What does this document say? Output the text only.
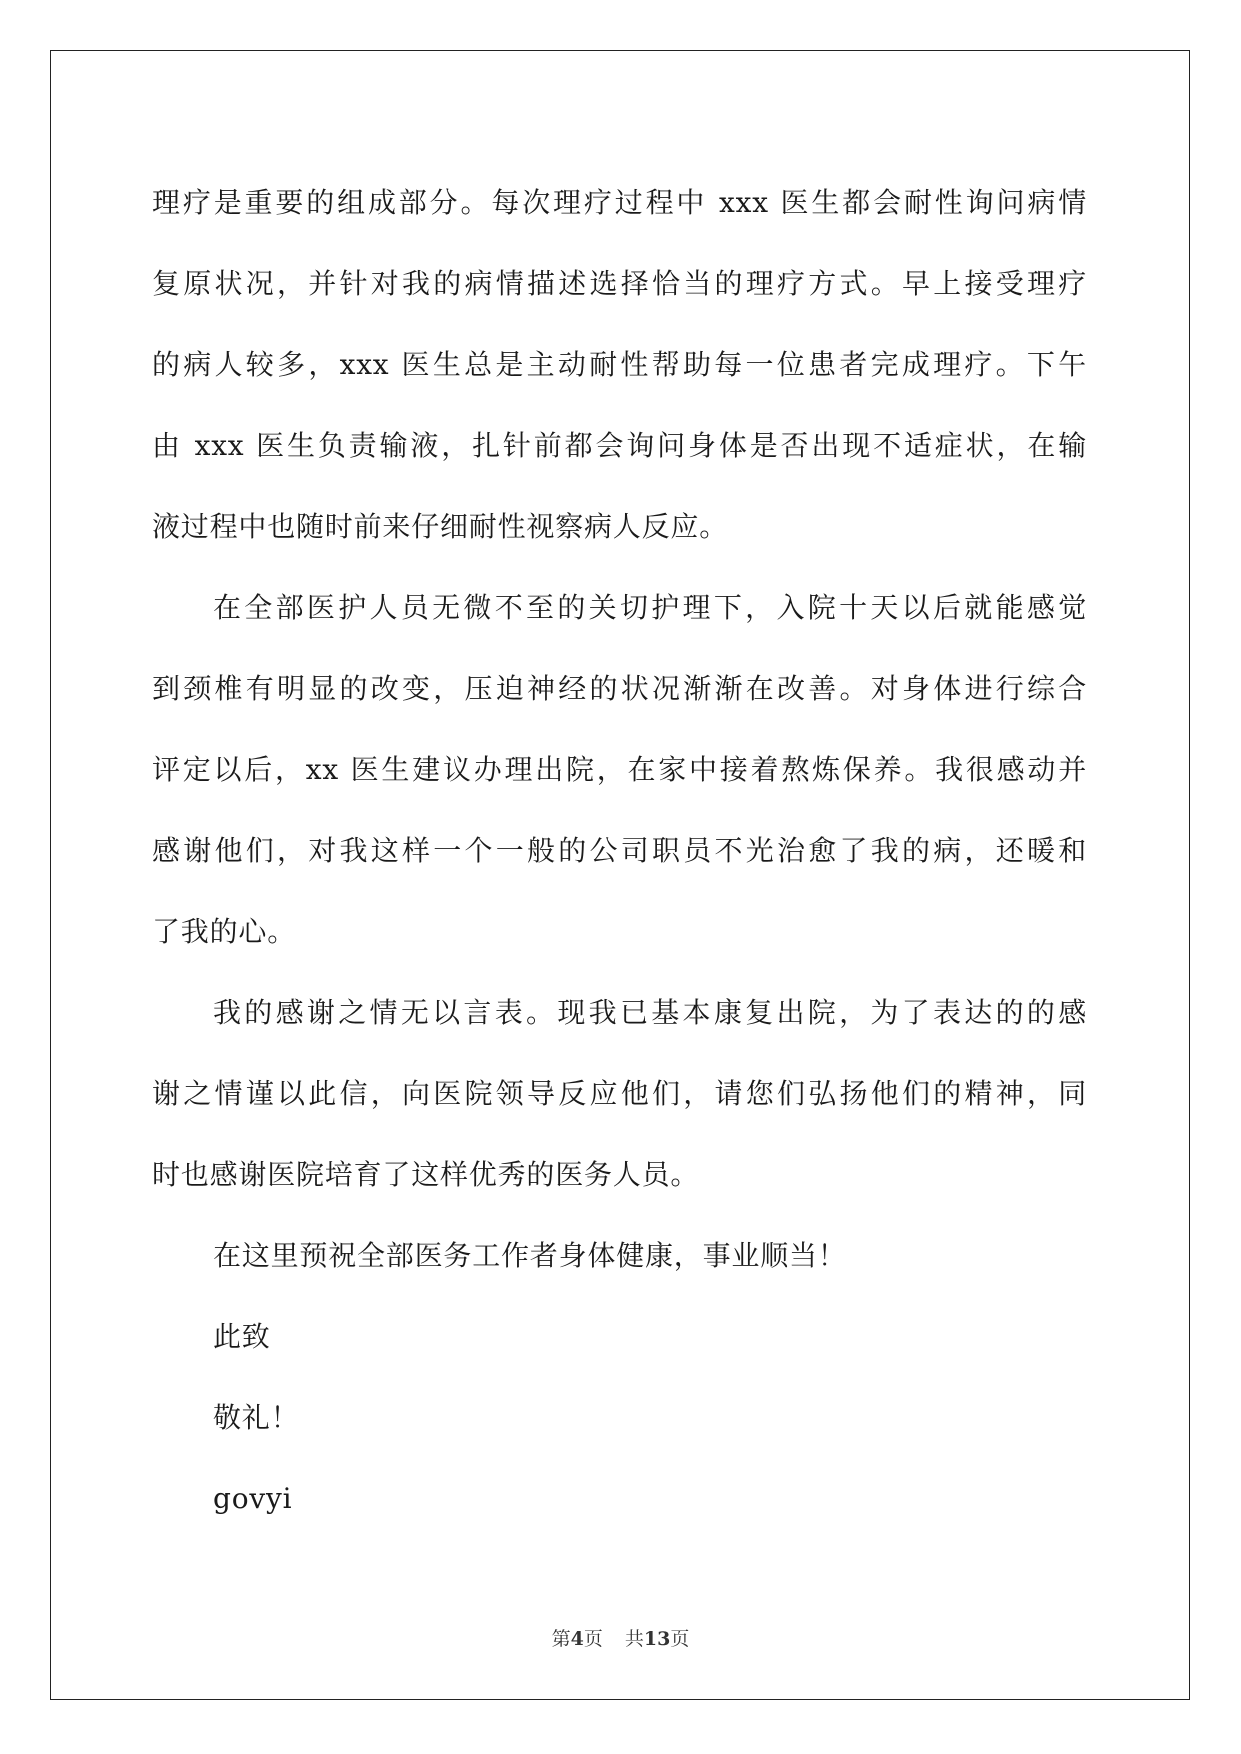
理疗是重要的组成部分。每次理疗过程中 xxx 医生都会耐性询问病情
复原状况，并针对我的病情描述选择恰当的理疗方式。早上接受理疗
的病人较多，xxx 医生总是主动耐性帮助每一位患者完成理疗。下午
由 xxx 医生负责输液，扎针前都会询问身体是否出现不适症状，在输
液过程中也随时前来仔细耐性视察病人反应。
在全部医护人员无微不至的关切护理下，入院十天以后就能感觉
到颈椎有明显的改变，压迫神经的状况渐渐在改善。对身体进行综合
评定以后，xx 医生建议办理出院，在家中接着熬炼保养。我很感动并
感谢他们，对我这样一个一般的公司职员不光治愈了我的病，还暖和
了我的心。
我的感谢之情无以言表。现我已基本康复出院，为了表达的的感
谢之情谨以此信，向医院领导反应他们，请您们弘扬他们的精神，同
时也感谢医院培育了这样优秀的医务人员。
在这里预祝全部医务工作者身体健康，事业顺当！
此致
敬礼！
govyi
第4页 共13页
